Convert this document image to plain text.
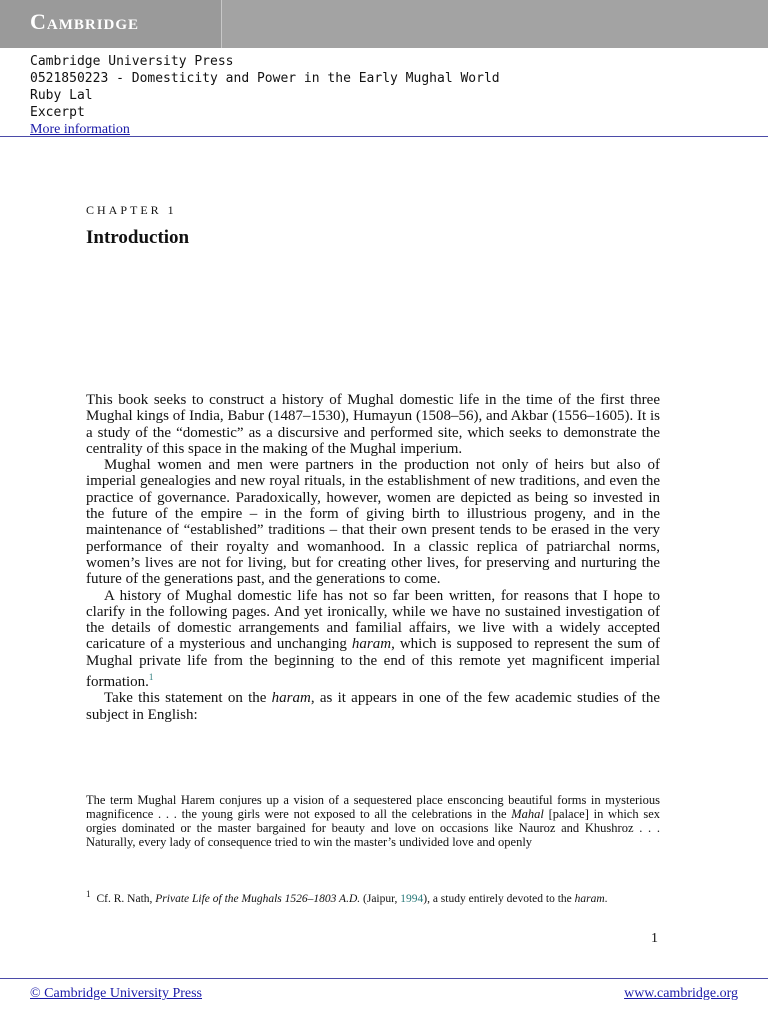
Cambridge
Cambridge University Press
0521850223 - Domesticity and Power in the Early Mughal World
Ruby Lal
Excerpt
More information
CHAPTER 1
Introduction

This book seeks to construct a history of Mughal domestic life in the time of the first three Mughal kings of India, Babur (1487–1530), Humayun (1508–56), and Akbar (1556–1605). It is a study of the “domestic” as a discursive and performed site, which seeks to demonstrate the centrality of this space in the making of the Mughal imperium.

Mughal women and men were partners in the production not only of heirs but also of imperial genealogies and new royal rituals, in the establishment of new traditions, and even the practice of governance. Paradoxically, however, women are depicted as being so invested in the future of the empire – in the form of giving birth to illustrious progeny, and in the maintenance of “established” traditions – that their own present tends to be erased in the very performance of their royalty and womanhood. In a classic replica of patriarchal norms, women’s lives are not for living, but for creating other lives, for preserving and nurturing the future of the generations past, and the generations to come.

A history of Mughal domestic life has not so far been written, for reasons that I hope to clarify in the following pages. And yet ironically, while we have no sustained investigation of the details of domestic arrangements and familial affairs, we live with a widely accepted caricature of a mysterious and unchanging haram, which is supposed to represent the sum of Mughal private life from the beginning to the end of this remote yet magnificent imperial formation.$^1$

Take this statement on the haram, as it appears in one of the few academic studies of the subject in English:

The term Mughal Harem conjures up a vision of a sequestered place ensconcing beautiful forms in mysterious magnificence . . . the young girls were not exposed to all the celebrations in the Mahal [palace] in which sex orgies dominated or the master bargained for beauty and love on occasions like Nauroz and Khushroz . . . Naturally, every lady of consequence tried to win the master’s undivided love and openly

$^1$ Cf. R. Nath, Private Life of the Mughals 1526–1803 A.D. (Jaipur, 1994), a study entirely devoted to the haram.
1
© Cambridge University Press	www.cambridge.org
